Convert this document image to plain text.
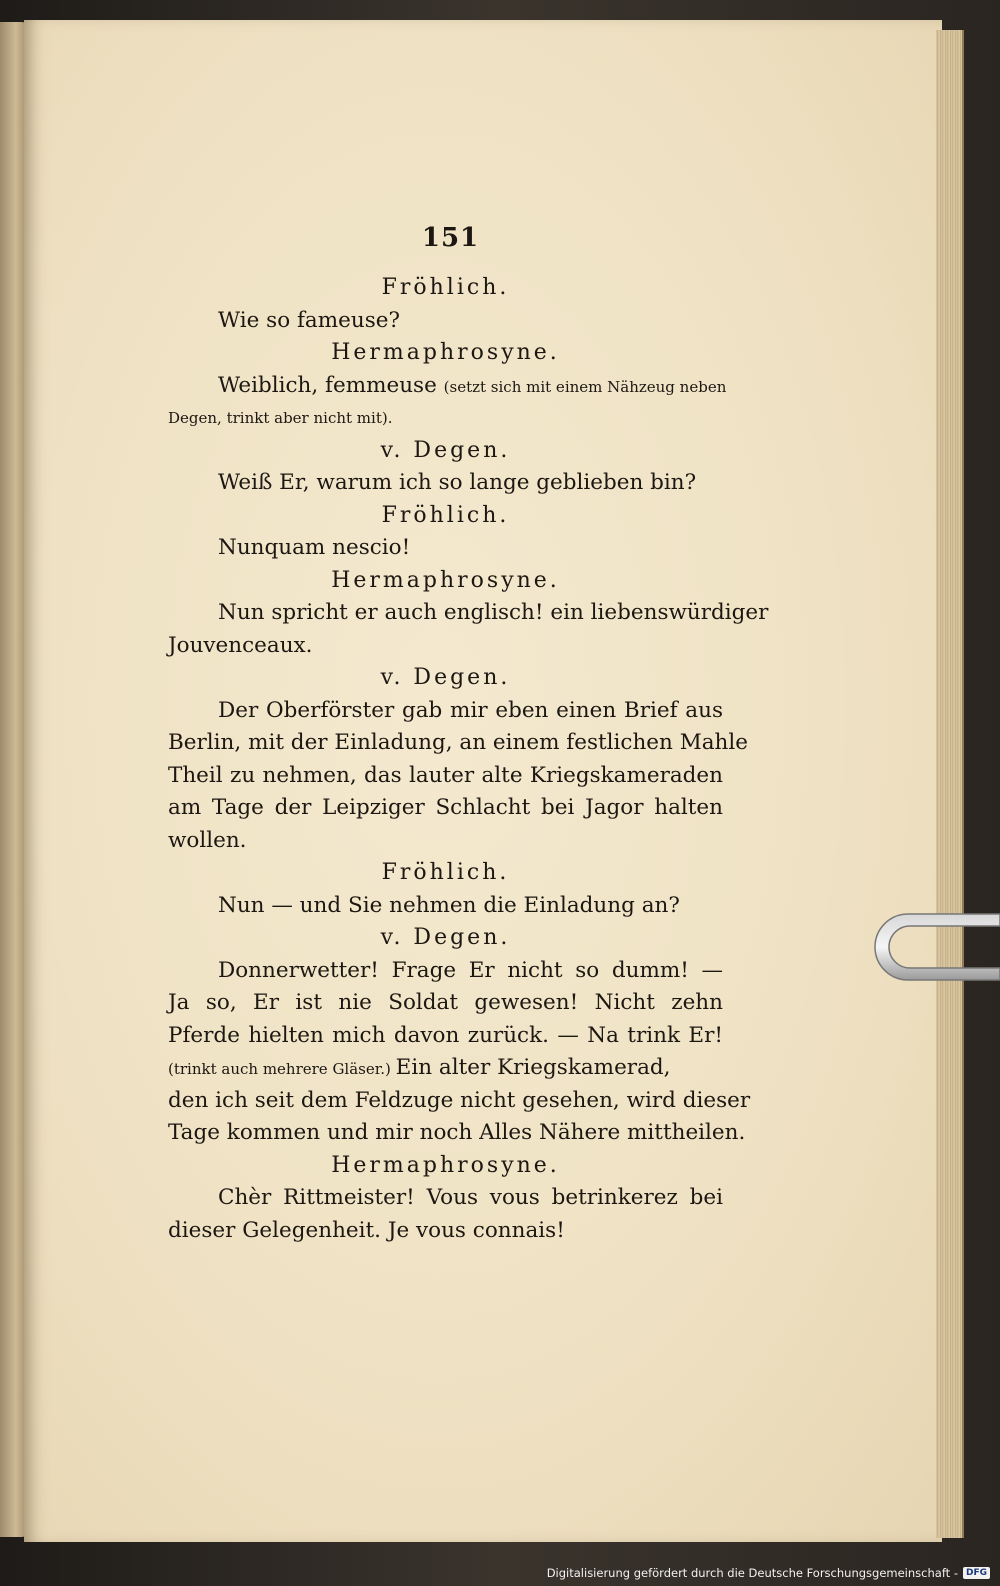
151
Fröhlich.
Wie so fameuse?
Hermaphrosyne.
Weiblich, femmeuse (setzt sich mit einem Nähzeug neben
Degen, trinkt aber nicht mit).
v. Degen.
Weiß Er, warum ich so lange geblieben bin?
Fröhlich.
Nunquam nescio!
Hermaphrosyne.
Nun spricht er auch englisch! ein liebenswürdiger
Jouvenceaux.
v. Degen.
Der Oberförster gab mir eben einen Brief aus
Berlin, mit der Einladung, an einem festlichen Mahle
Theil zu nehmen, das lauter alte Kriegskameraden
am Tage der Leipziger Schlacht bei Jagor halten
wollen.
Fröhlich.
Nun — und Sie nehmen die Einladung an?
v. Degen.
Donnerwetter! Frage Er nicht so dumm! —
Ja so, Er ist nie Soldat gewesen! Nicht zehn
Pferde hielten mich davon zurück. — Na trink Er!
(trinkt auch mehrere Gläser.) Ein alter Kriegskamerad,
den ich seit dem Feldzuge nicht gesehen, wird dieser
Tage kommen und mir noch Alles Nähere mittheilen.
Hermaphrosyne.
Chèr Rittmeister! Vous vous betrinkerez bei
dieser Gelegenheit. Je vous connais!
Digitalisierung gefördert durch die Deutsche Forschungsgemeinschaft - DFG
